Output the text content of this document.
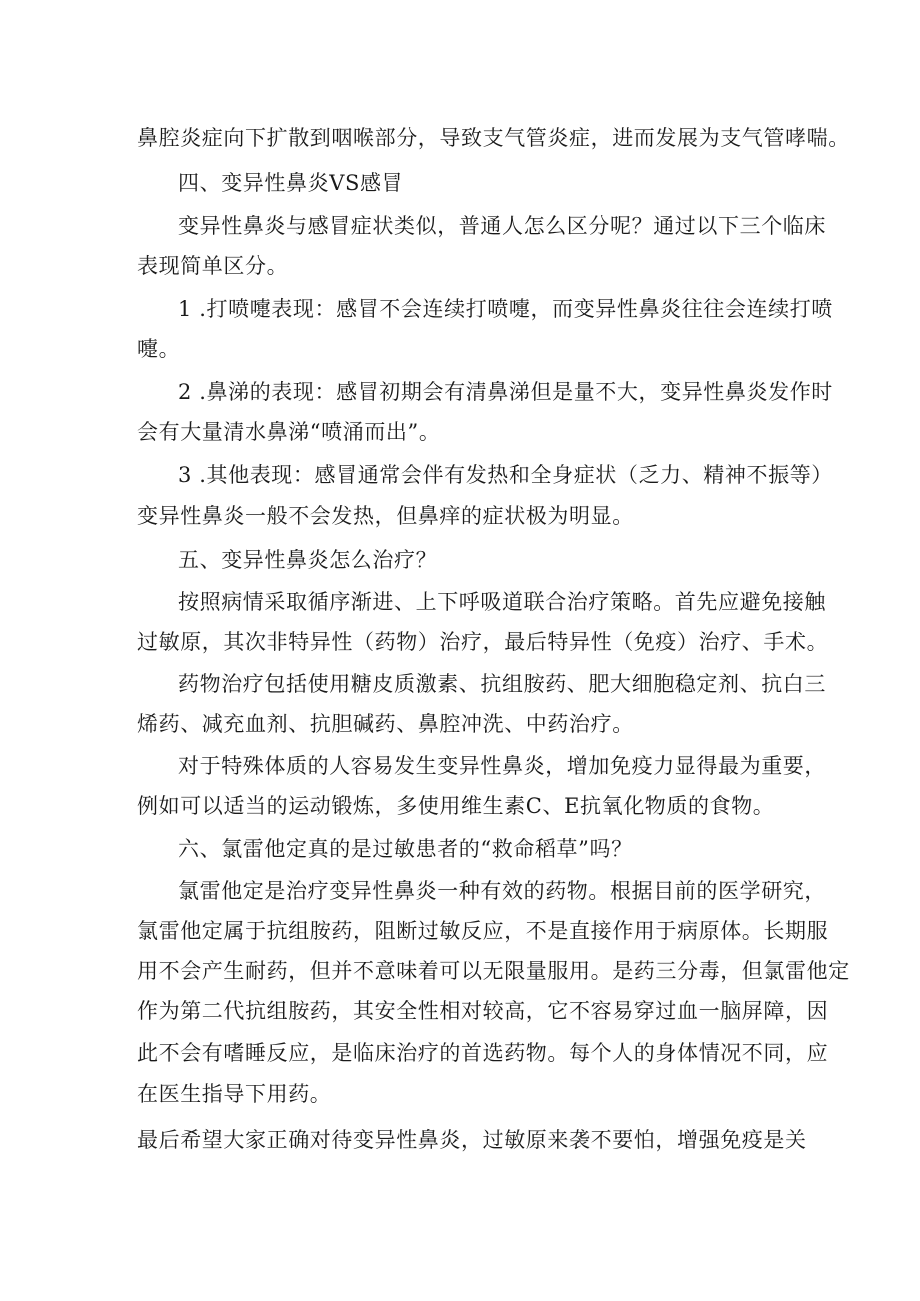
鼻腔炎症向下扩散到咽喉部分，导致支气管炎症，进而发展为支气管哮喘。
四、变异性鼻炎VS感冒
变异性鼻炎与感冒症状类似，普通人怎么区分呢？通过以下三个临床
表现简单区分。
1 .打喷嚏表现：感冒不会连续打喷嚏，而变异性鼻炎往往会连续打喷
嚏。
2 .鼻涕的表现：感冒初期会有清鼻涕但是量不大，变异性鼻炎发作时
会有大量清水鼻涕“喷涌而出”。
3 .其他表现：感冒通常会伴有发热和全身症状（乏力、精神不振等）
变异性鼻炎一般不会发热，但鼻痒的症状极为明显。
五、变异性鼻炎怎么治疗？
按照病情采取循序渐进、上下呼吸道联合治疗策略。首先应避免接触
过敏原，其次非特异性（药物）治疗，最后特异性（免疫）治疗、手术。
药物治疗包括使用糖皮质激素、抗组胺药、肥大细胞稳定剂、抗白三
烯药、减充血剂、抗胆碱药、鼻腔冲洗、中药治疗。
对于特殊体质的人容易发生变异性鼻炎，增加免疫力显得最为重要，
例如可以适当的运动锻炼，多使用维生素C、E抗氧化物质的食物。
六、氯雷他定真的是过敏患者的“救命稻草”吗？
氯雷他定是治疗变异性鼻炎一种有效的药物。根据目前的医学研究，
氯雷他定属于抗组胺药，阻断过敏反应，不是直接作用于病原体。长期服
用不会产生耐药，但并不意味着可以无限量服用。是药三分毒，但氯雷他定
作为第二代抗组胺药，其安全性相对较高，它不容易穿过血一脑屏障，因
此不会有嗜睡反应，是临床治疗的首选药物。每个人的身体情况不同，应
在医生指导下用药。
最后希望大家正确对待变异性鼻炎，过敏原来袭不要怕，增强免疫是关
